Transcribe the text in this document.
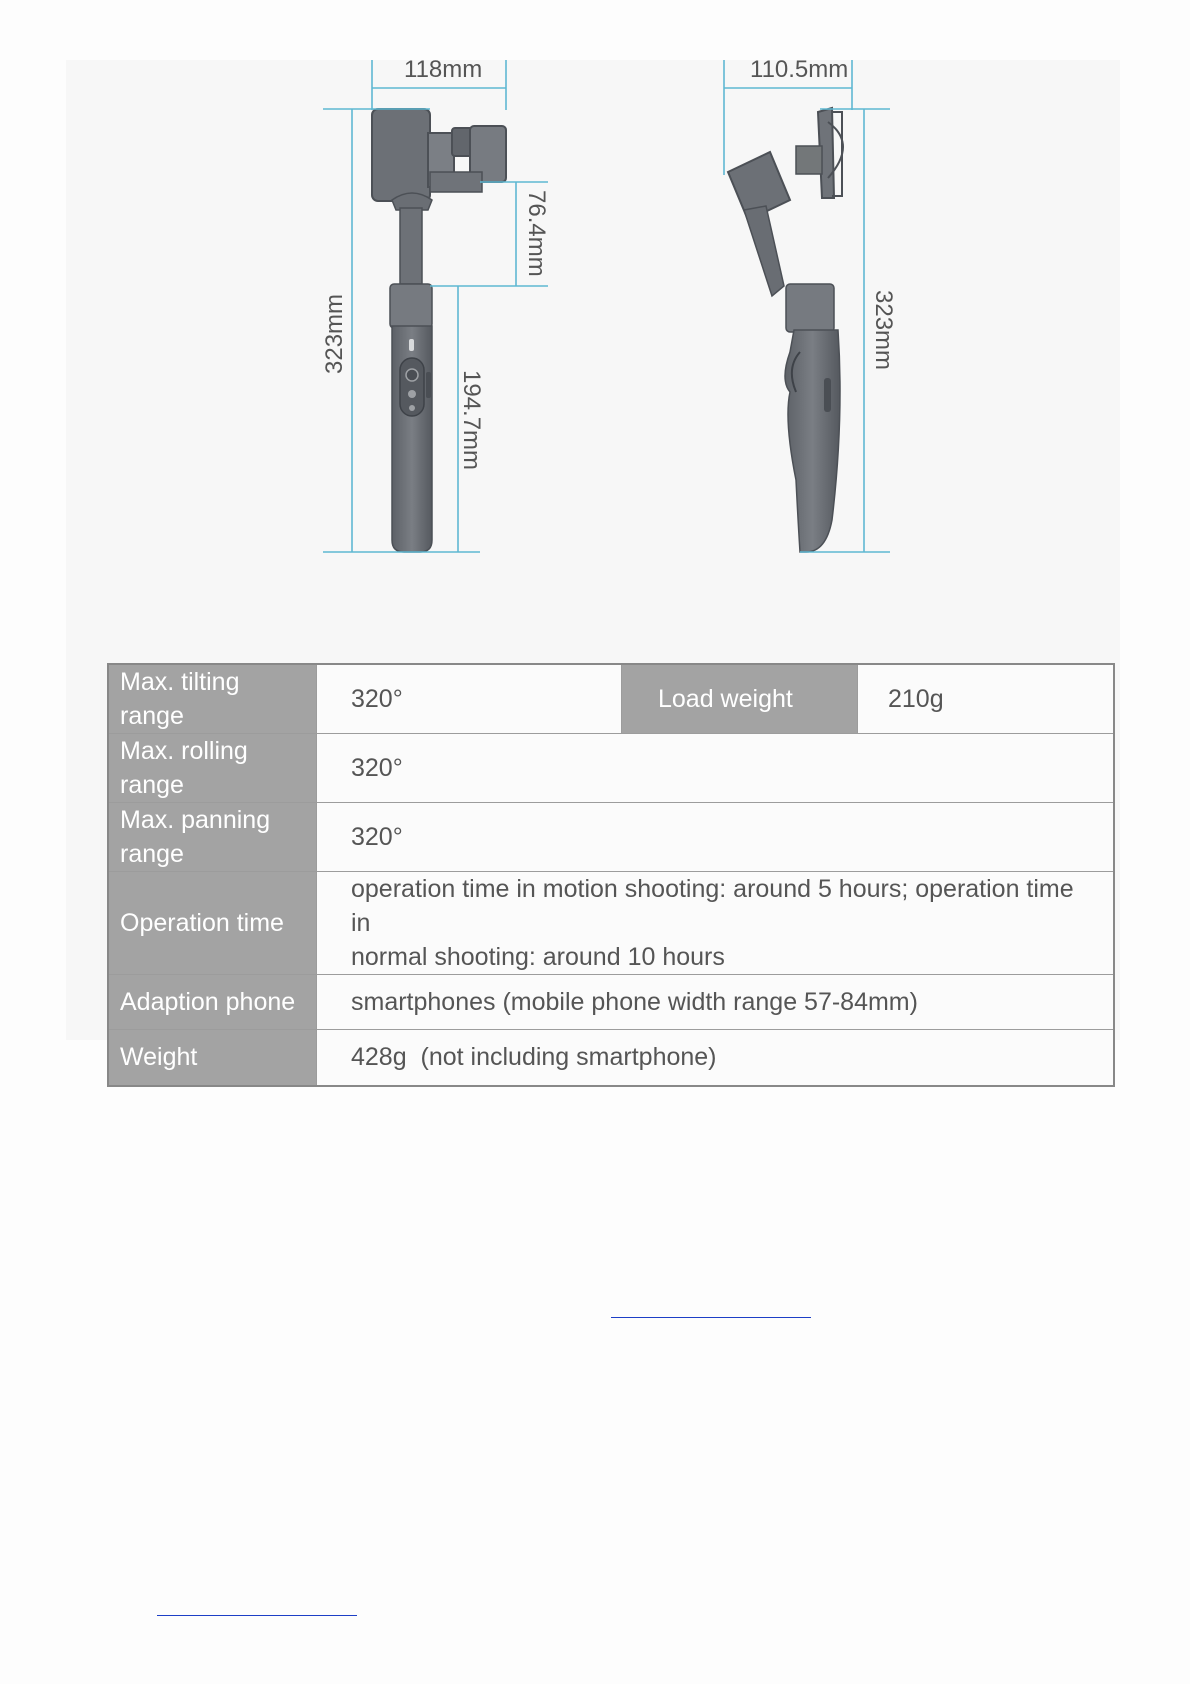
118mm
323mm
194.7mm
76.4mm
110.5mm
323mm
Max. tilting range	320°	Load weight	210g
Max. rolling range	320°		
Max. panning range	320°		
Operation time	operation time in motion shooting: around 5 hours; operation time in
normal shooting: around 10 hours		

Adaption phone	smartphones (mobile phone width range 57-84mm)		
Weight	428g  (not including smartphone)		
